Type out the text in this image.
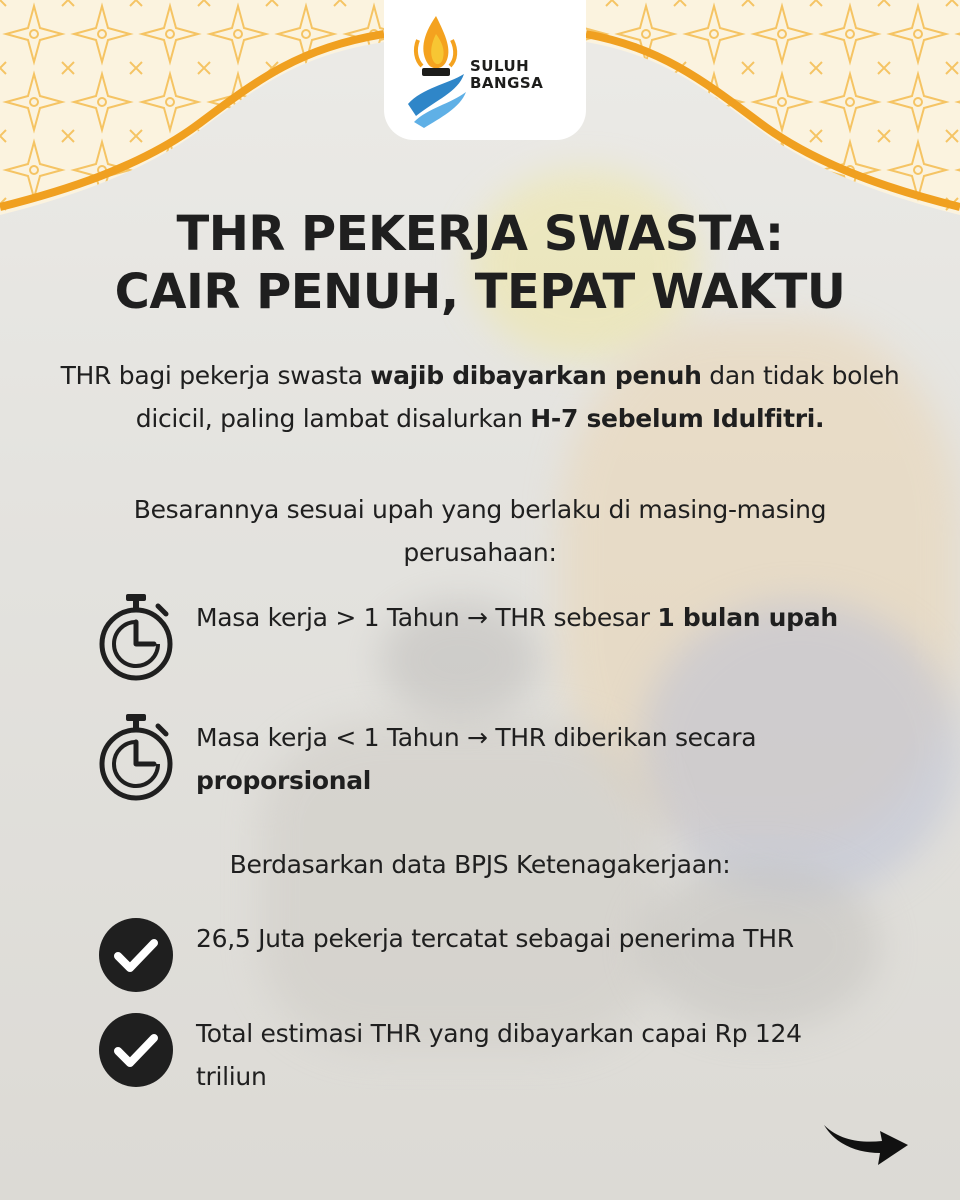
SULUH
BANGSA
THR PEKERJA SWASTA:
CAIR PENUH, TEPAT WAKTU
THR bagi pekerja swasta wajib dibayarkan penuh dan tidak boleh dicicil, paling lambat disalurkan H-7 sebelum Idulfitri.
Besarannya sesuai upah yang berlaku di masing-masing perusahaan:
Masa kerja > 1 Tahun → THR sebesar 1 bulan upah
Masa kerja < 1 Tahun → THR diberikan secara proporsional
Berdasarkan data BPJS Ketenagakerjaan:
26,5 Juta pekerja tercatat sebagai penerima THR
Total estimasi THR yang dibayarkan capai Rp 124 triliun
